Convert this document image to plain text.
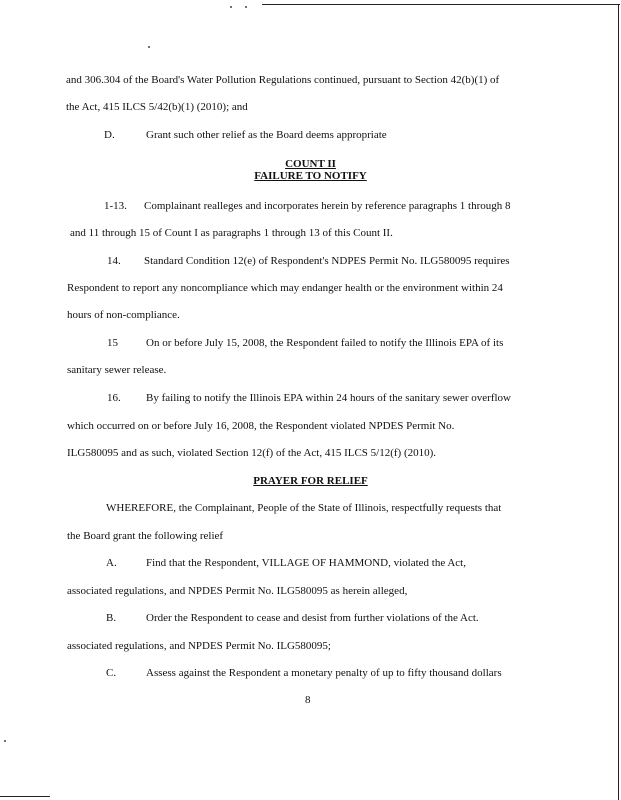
and 306.304 of the Board's Water Pollution Regulations continued, pursuant to Section 42(b)(1) of

the Act, 415 ILCS 5/42(b)(1) (2010); and

D.	Grant such other relief as the Board deems appropriate

COUNT II
FAILURE TO NOTIFY

1-13. Complainant realleges and incorporates herein by reference paragraphs 1 through 8

and 11 through 15 of Count I as paragraphs 1 through 13 of this Count II.

14. Standard Condition 12(e) of Respondent's NDPES Permit No. ILG580095 requires

Respondent to report any noncompliance which may endanger health or the environment within 24

hours of non-compliance.

15	On or before July 15, 2008, the Respondent failed to notify the Illinois EPA of its

sanitary sewer release.

16. By failing to notify the Illinois EPA within 24 hours of the sanitary sewer overflow

which occurred on or before July 16, 2008, the Respondent violated NPDES Permit No.

ILG580095 and as such, violated Section 12(f) of the Act, 415 ILCS 5/12(f) (2010).

PRAYER FOR RELIEF

WHEREFORE, the Complainant, People of the State of Illinois, respectfully requests that

the Board grant the following relief

A.	Find that the Respondent, VILLAGE OF HAMMOND, violated the Act,

associated regulations, and NPDES Permit No. ILG580095 as herein alleged,

B.	Order the Respondent to cease and desist from further violations of the Act.

associated regulations, and NPDES Permit No. ILG580095;

C.	Assess against the Respondent a monetary penalty of up to fifty thousand dollars

8
